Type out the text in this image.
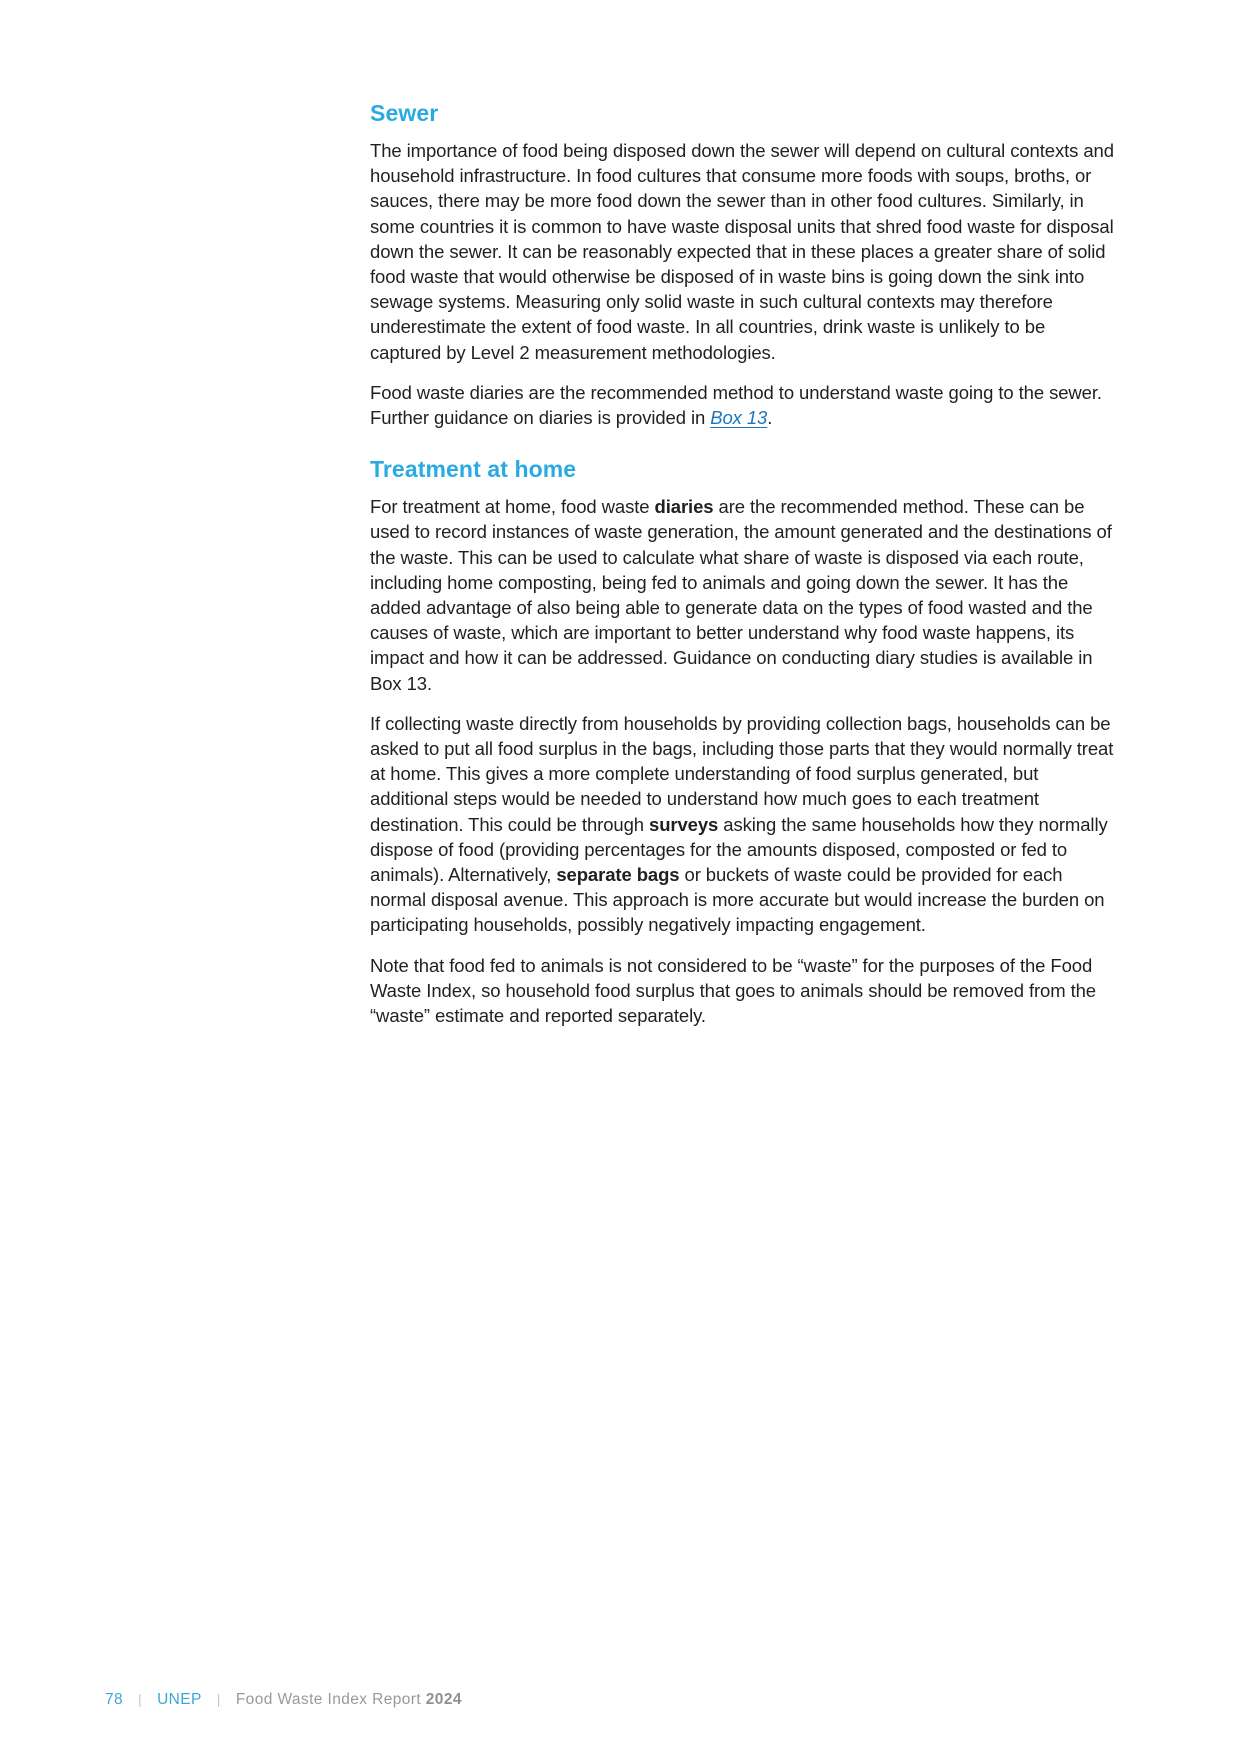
Sewer

The importance of food being disposed down the sewer will depend on cultural contexts and household infrastructure. In food cultures that consume more foods with soups, broths, or sauces, there may be more food down the sewer than in other food cultures. Similarly, in some countries it is common to have waste disposal units that shred food waste for disposal down the sewer. It can be reasonably expected that in these places a greater share of solid food waste that would otherwise be disposed of in waste bins is going down the sink into sewage systems. Measuring only solid waste in such cultural contexts may therefore underestimate the extent of food waste. In all countries, drink waste is unlikely to be captured by Level 2 measurement methodologies.

Food waste diaries are the recommended method to understand waste going to the sewer. Further guidance on diaries is provided in Box 13.

Treatment at home

For treatment at home, food waste diaries are the recommended method. These can be used to record instances of waste generation, the amount generated and the destinations of the waste. This can be used to calculate what share of waste is disposed via each route, including home composting, being fed to animals and going down the sewer. It has the added advantage of also being able to generate data on the types of food wasted and the causes of waste, which are important to better understand why food waste happens, its impact and how it can be addressed. Guidance on conducting diary studies is available in Box 13.

If collecting waste directly from households by providing collection bags, households can be asked to put all food surplus in the bags, including those parts that they would normally treat at home. This gives a more complete understanding of food surplus generated, but additional steps would be needed to understand how much goes to each treatment destination. This could be through surveys asking the same households how they normally dispose of food (providing percentages for the amounts disposed, composted or fed to animals). Alternatively, separate bags or buckets of waste could be provided for each normal disposal avenue. This approach is more accurate but would increase the burden on participating households, possibly negatively impacting engagement.

Note that food fed to animals is not considered to be “waste” for the purposes of the Food Waste Index, so household food surplus that goes to animals should be removed from the “waste” estimate and reported separately.

78 | UNEP | Food Waste Index Report 2024
